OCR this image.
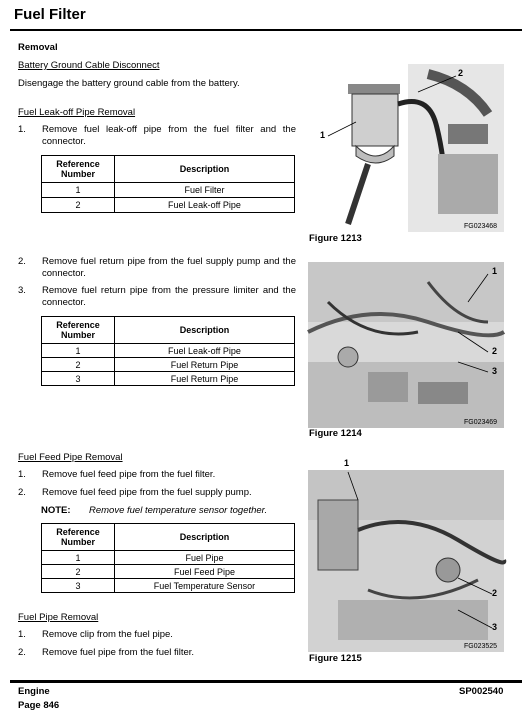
Fuel Filter
Removal
Battery Ground Cable Disconnect
Disengage the battery ground cable from the battery.
Fuel Leak-off Pipe Removal
1. Remove fuel leak-off pipe from the fuel filter and the connector.
Reference Number	Description
1	Fuel Filter
2	Fuel Leak-off Pipe
2. Remove fuel return pipe from the fuel supply pump and the connector.
3. Remove fuel return pipe from the pressure limiter and the connector.
Reference Number	Description
1	Fuel Leak-off Pipe
2	Fuel Return Pipe
3	Fuel Return Pipe
Fuel Feed Pipe Removal
1. Remove fuel feed pipe from the fuel filter.
2. Remove fuel feed pipe from the fuel supply pump.
NOTE: Remove fuel temperature sensor together.
Reference Number	Description
1	Fuel Pipe
2	Fuel Feed Pipe
3	Fuel Temperature Sensor
Fuel Pipe Removal
1. Remove clip from the fuel pipe.
2. Remove fuel pipe from the fuel filter.
1
2
FG023468
Figure 1213
1
2
3
FG023469
Figure 1214
1
2
3
FG023525
Figure 1215
Engine
Page 846
SP002540
